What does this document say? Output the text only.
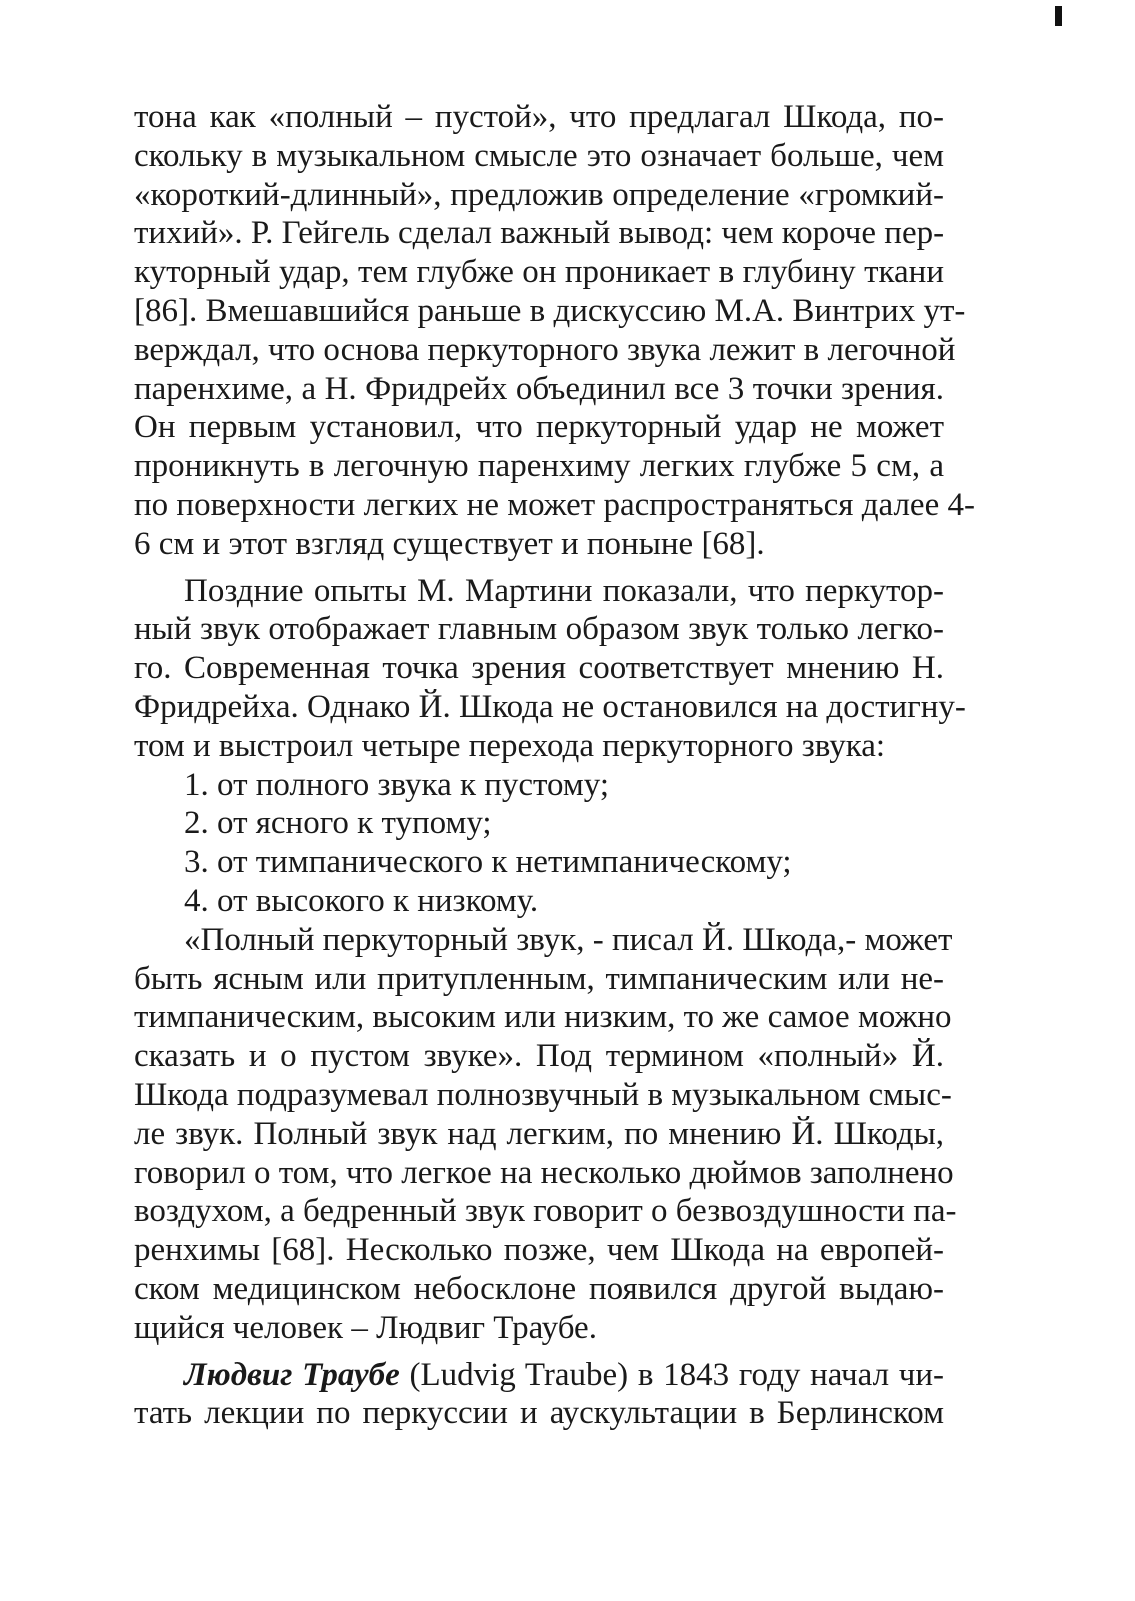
тона как «полный – пустой», что предлагал Шкода, по-
скольку в музыкальном смысле это означает больше, чем
«короткий-длинный», предложив определение «громкий-
тихий». Р. Гейгель сделал важный вывод: чем короче пер-
куторный удар, тем глубже он проникает в глубину ткани
[86]. Вмешавшийся раньше в дискуссию М.А. Винтрих ут-
верждал, что основа перкуторного звука лежит в легочной
паренхиме, а Н. Фридрейх объединил все 3 точки зрения.
Он первым установил, что перкуторный удар не может
проникнуть в легочную паренхиму легких глубже 5 см, а
по поверхности легких не может распространяться далее 4-
6 см и этот взгляд существует и поныне [68].
Поздние опыты М. Мартини показали, что перкутор-
ный звук отображает главным образом звук только легко-
го. Современная точка зрения соответствует мнению Н.
Фридрейха. Однако Й. Шкода не остановился на достигну-
том и выстроил четыре перехода перкуторного звука:
1. от полного звука к пустому;
2. от ясного к тупому;
3. от тимпанического к нетимпаническому;
4. от высокого к низкому.
«Полный перкуторный звук, - писал Й. Шкода,- может
быть ясным или притупленным, тимпаническим или не-
тимпаническим, высоким или низким, то же самое можно
сказать и о пустом звуке». Под термином «полный» Й.
Шкода подразумевал полнозвучный в музыкальном смыс-
ле звук. Полный звук над легким, по мнению Й. Шкоды,
говорил о том, что легкое на несколько дюймов заполнено
воздухом, а бедренный звук говорит о безвоздушности па-
ренхимы [68]. Несколько позже, чем Шкода на европей-
ском медицинском небосклоне появился другой выдаю-
щийся человек – Людвиг Траубе.
Людвиг Траубе (Ludvig Traube) в 1843 году начал чи-
тать лекции по перкуссии и аускультации в Берлинском
